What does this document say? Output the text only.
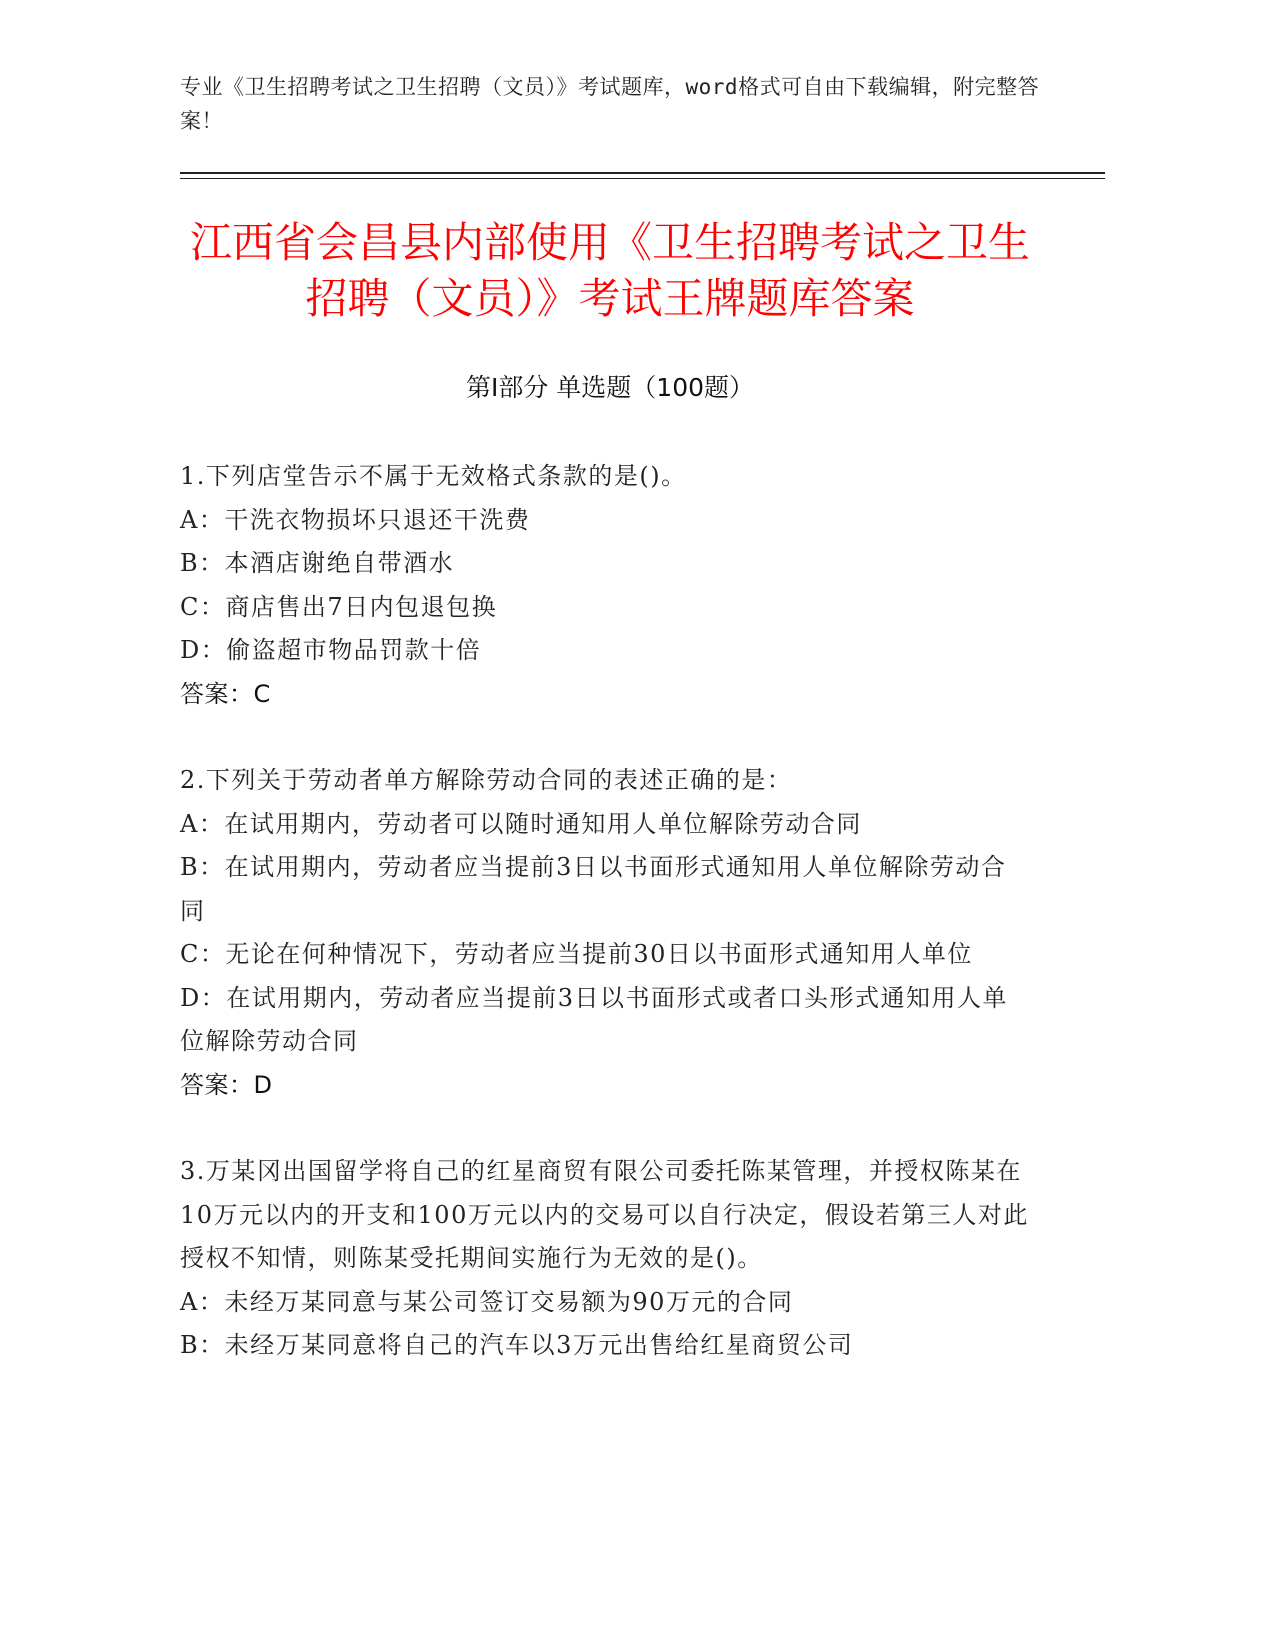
专业《卫生招聘考试之卫生招聘（文员）》考试题库，word格式可自由下载编辑，附完整答案！
江西省会昌县内部使用《卫生招聘考试之卫生招聘（文员）》考试王牌题库答案
第Ⅰ部分 单选题（100题）
1.下列店堂告示不属于无效格式条款的是()。
A：干洗衣物损坏只退还干洗费
B：本酒店谢绝自带酒水
C：商店售出7日内包退包换
D：偷盗超市物品罚款十倍
答案：C
2.下列关于劳动者单方解除劳动合同的表述正确的是：
A：在试用期内，劳动者可以随时通知用人单位解除劳动合同
B：在试用期内，劳动者应当提前3日以书面形式通知用人单位解除劳动合同
C：无论在何种情况下，劳动者应当提前30日以书面形式通知用人单位
D：在试用期内，劳动者应当提前3日以书面形式或者口头形式通知用人单位解除劳动合同
答案：D
3.万某冈出国留学将自己的红星商贸有限公司委托陈某管理，并授权陈某在10万元以内的开支和100万元以内的交易可以自行决定，假设若第三人对此授权不知情，则陈某受托期间实施行为无效的是()。
A：未经万某同意与某公司签订交易额为90万元的合同
B：未经万某同意将自己的汽车以3万元出售给红星商贸公司
